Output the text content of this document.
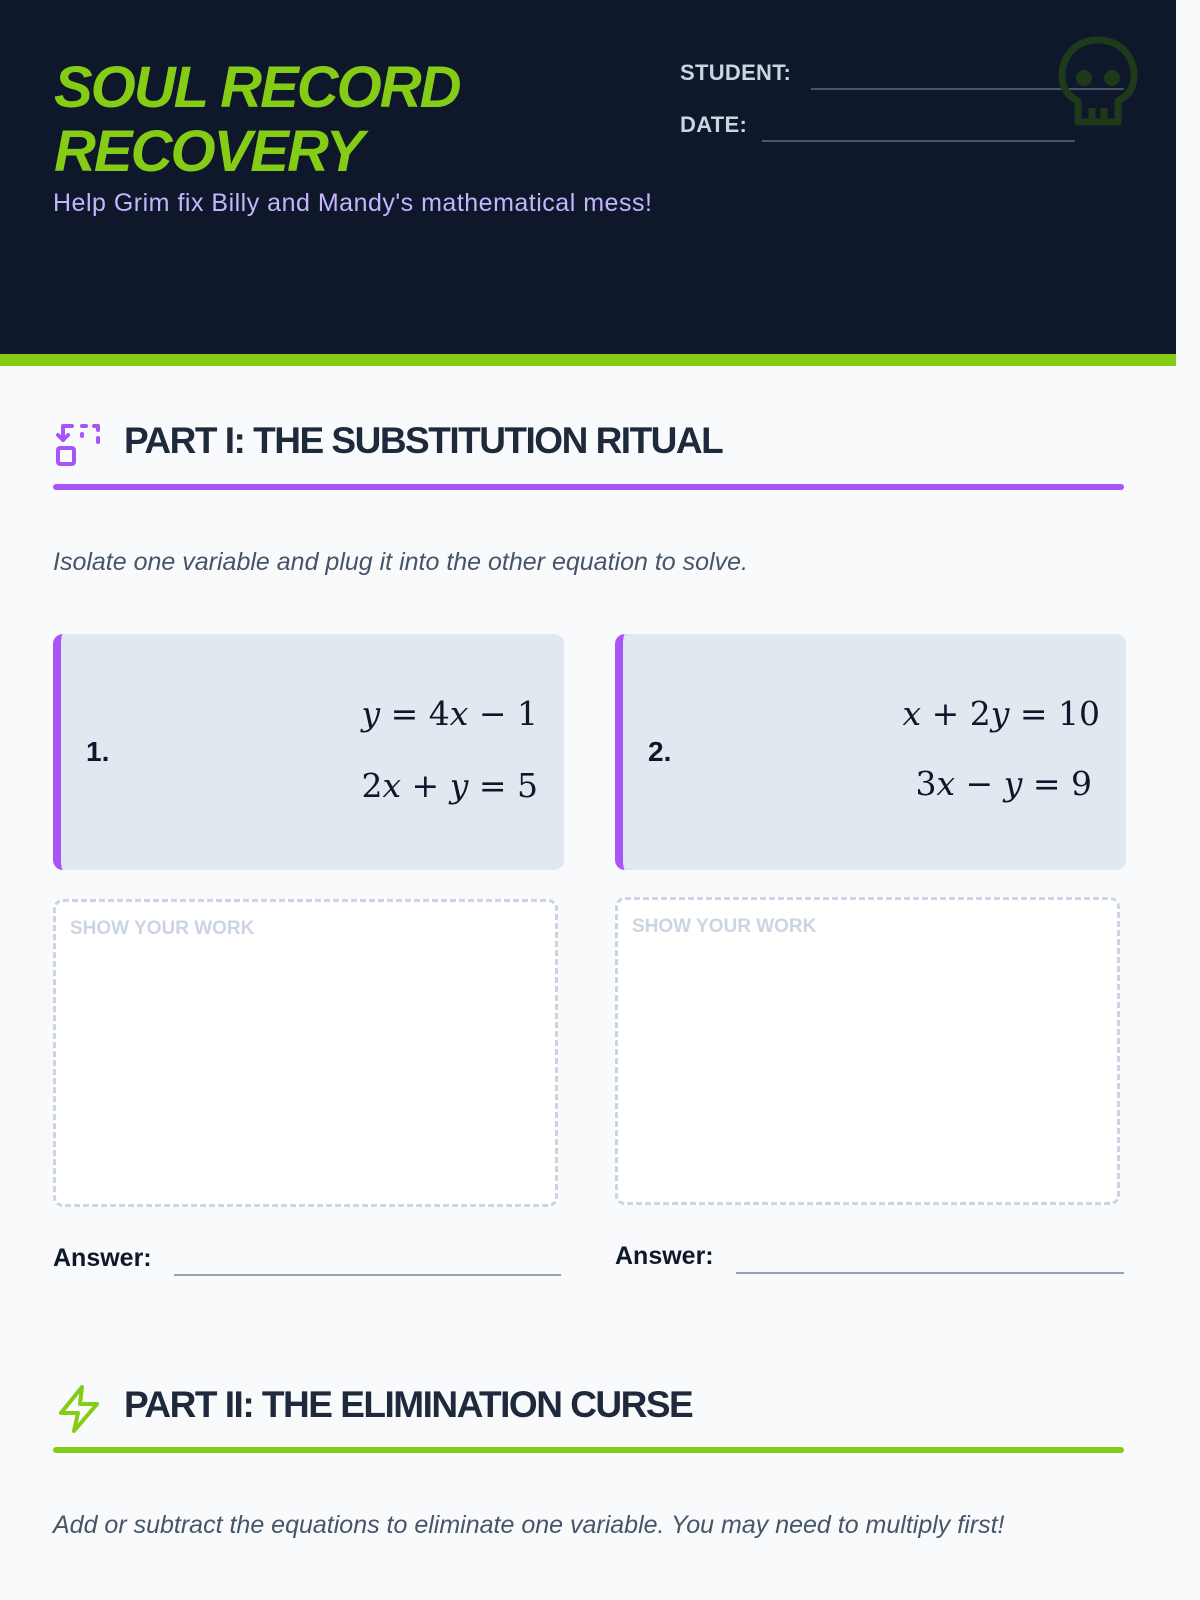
SOUL RECORD
RECOVERY
Help Grim fix Billy and Mandy's mathematical mess!
STUDENT:
DATE:
PART I: THE SUBSTITUTION RITUAL
Isolate one variable and plug it into the other equation to solve.
1.
y = 4x − 1
2x + y = 5
SHOW YOUR WORK
Answer:
2.
x + 2y = 10
3x − y = 9
SHOW YOUR WORK
Answer:
PART II: THE ELIMINATION CURSE
Add or subtract the equations to eliminate one variable. You may need to multiply first!
